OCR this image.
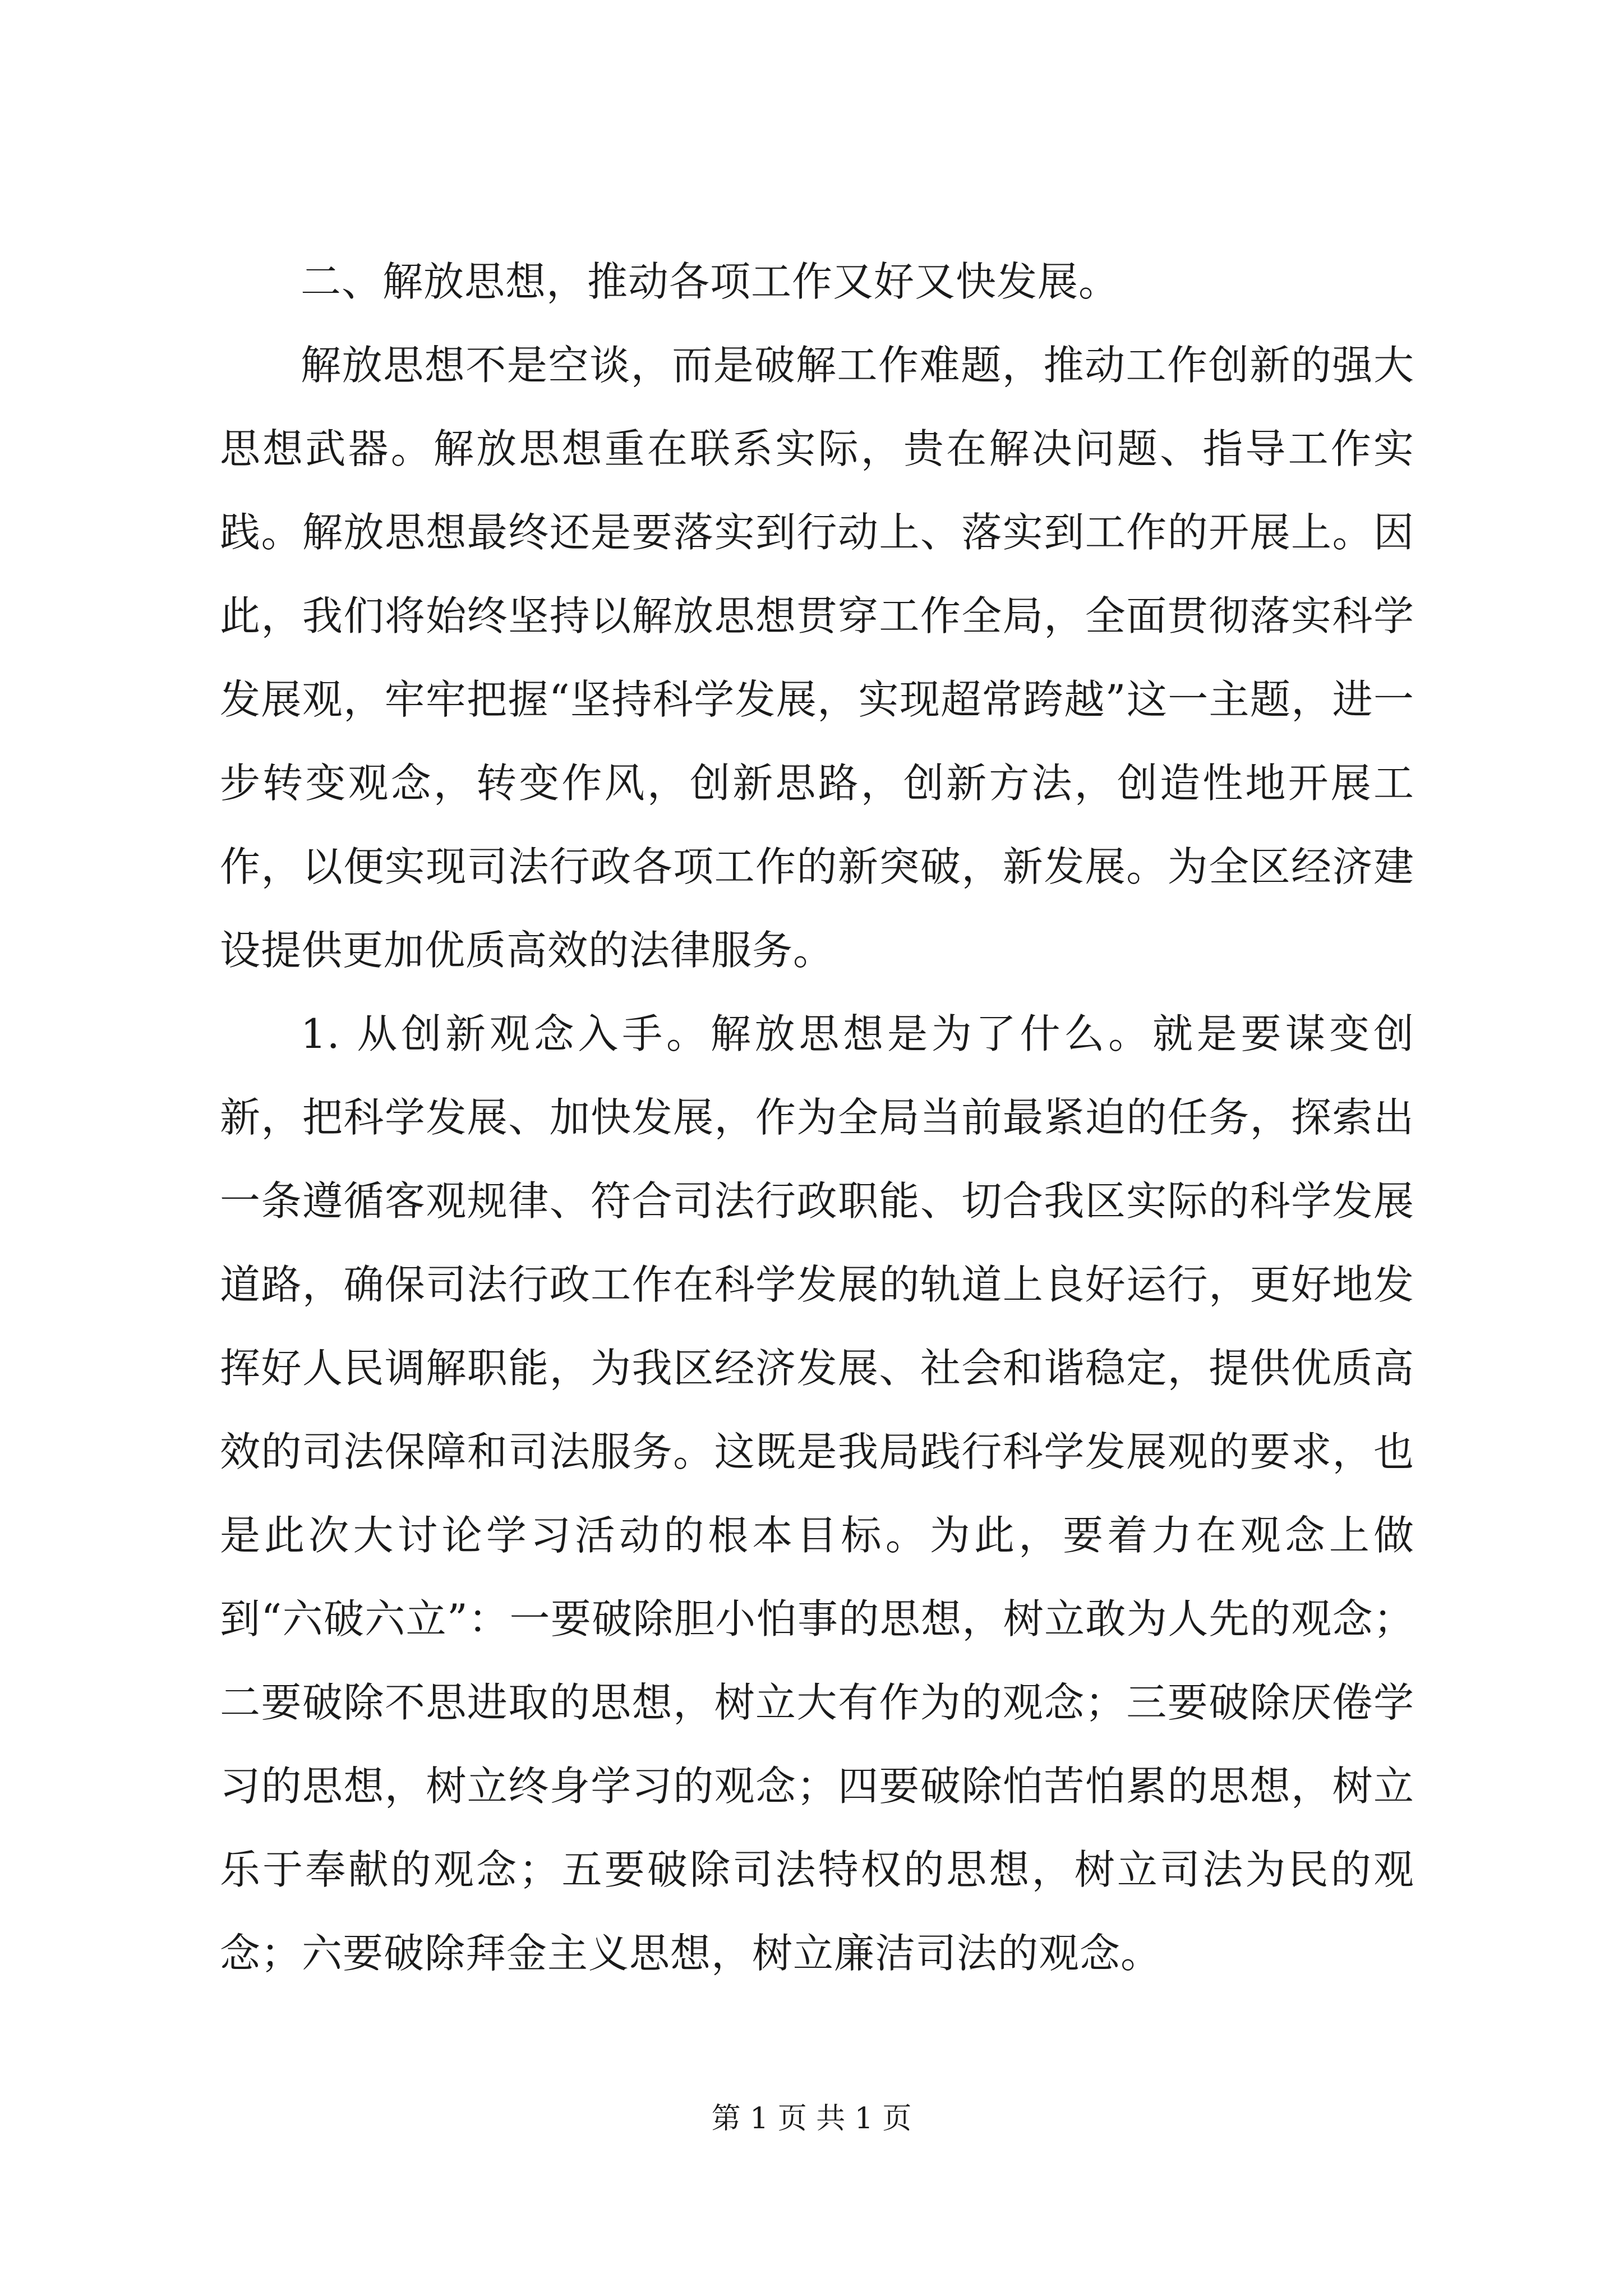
二、解放思想，推动各项工作又好又快发展。

解放思想不是空谈，而是破解工作难题，推动工作创新的强大思想武器。解放思想重在联系实际，贵在解决问题、指导工作实践。解放思想最终还是要落实到行动上、落实到工作的开展上。因此，我们将始终坚持以解放思想贯穿工作全局，全面贯彻落实科学发展观，牢牢把握“坚持科学发展，实现超常跨越”这一主题，进一步转变观念，转变作风，创新思路，创新方法，创造性地开展工作，以便实现司法行政各项工作的新突破，新发展。为全区经济建设提供更加优质高效的法律服务。

1. 从创新观念入手。解放思想是为了什么。就是要谋变创新，把科学发展、加快发展，作为全局当前最紧迫的任务，探索出一条遵循客观规律、符合司法行政职能、切合我区实际的科学发展道路，确保司法行政工作在科学发展的轨道上良好运行，更好地发挥好人民调解职能，为我区经济发展、社会和谐稳定，提供优质高效的司法保障和司法服务。这既是我局践行科学发展观的要求，也是此次大讨论学习活动的根本目标。为此，要着力在观念上做到“六破六立”：一要破除胆小怕事的思想，树立敢为人先的观念；二要破除不思进取的思想，树立大有作为的观念；三要破除厌倦学习的思想，树立终身学习的观念；四要破除怕苦怕累的思想，树立乐于奉献的观念；五要破除司法特权的思想，树立司法为民的观念；六要破除拜金主义思想，树立廉洁司法的观念。

第 1 页 共 1 页
